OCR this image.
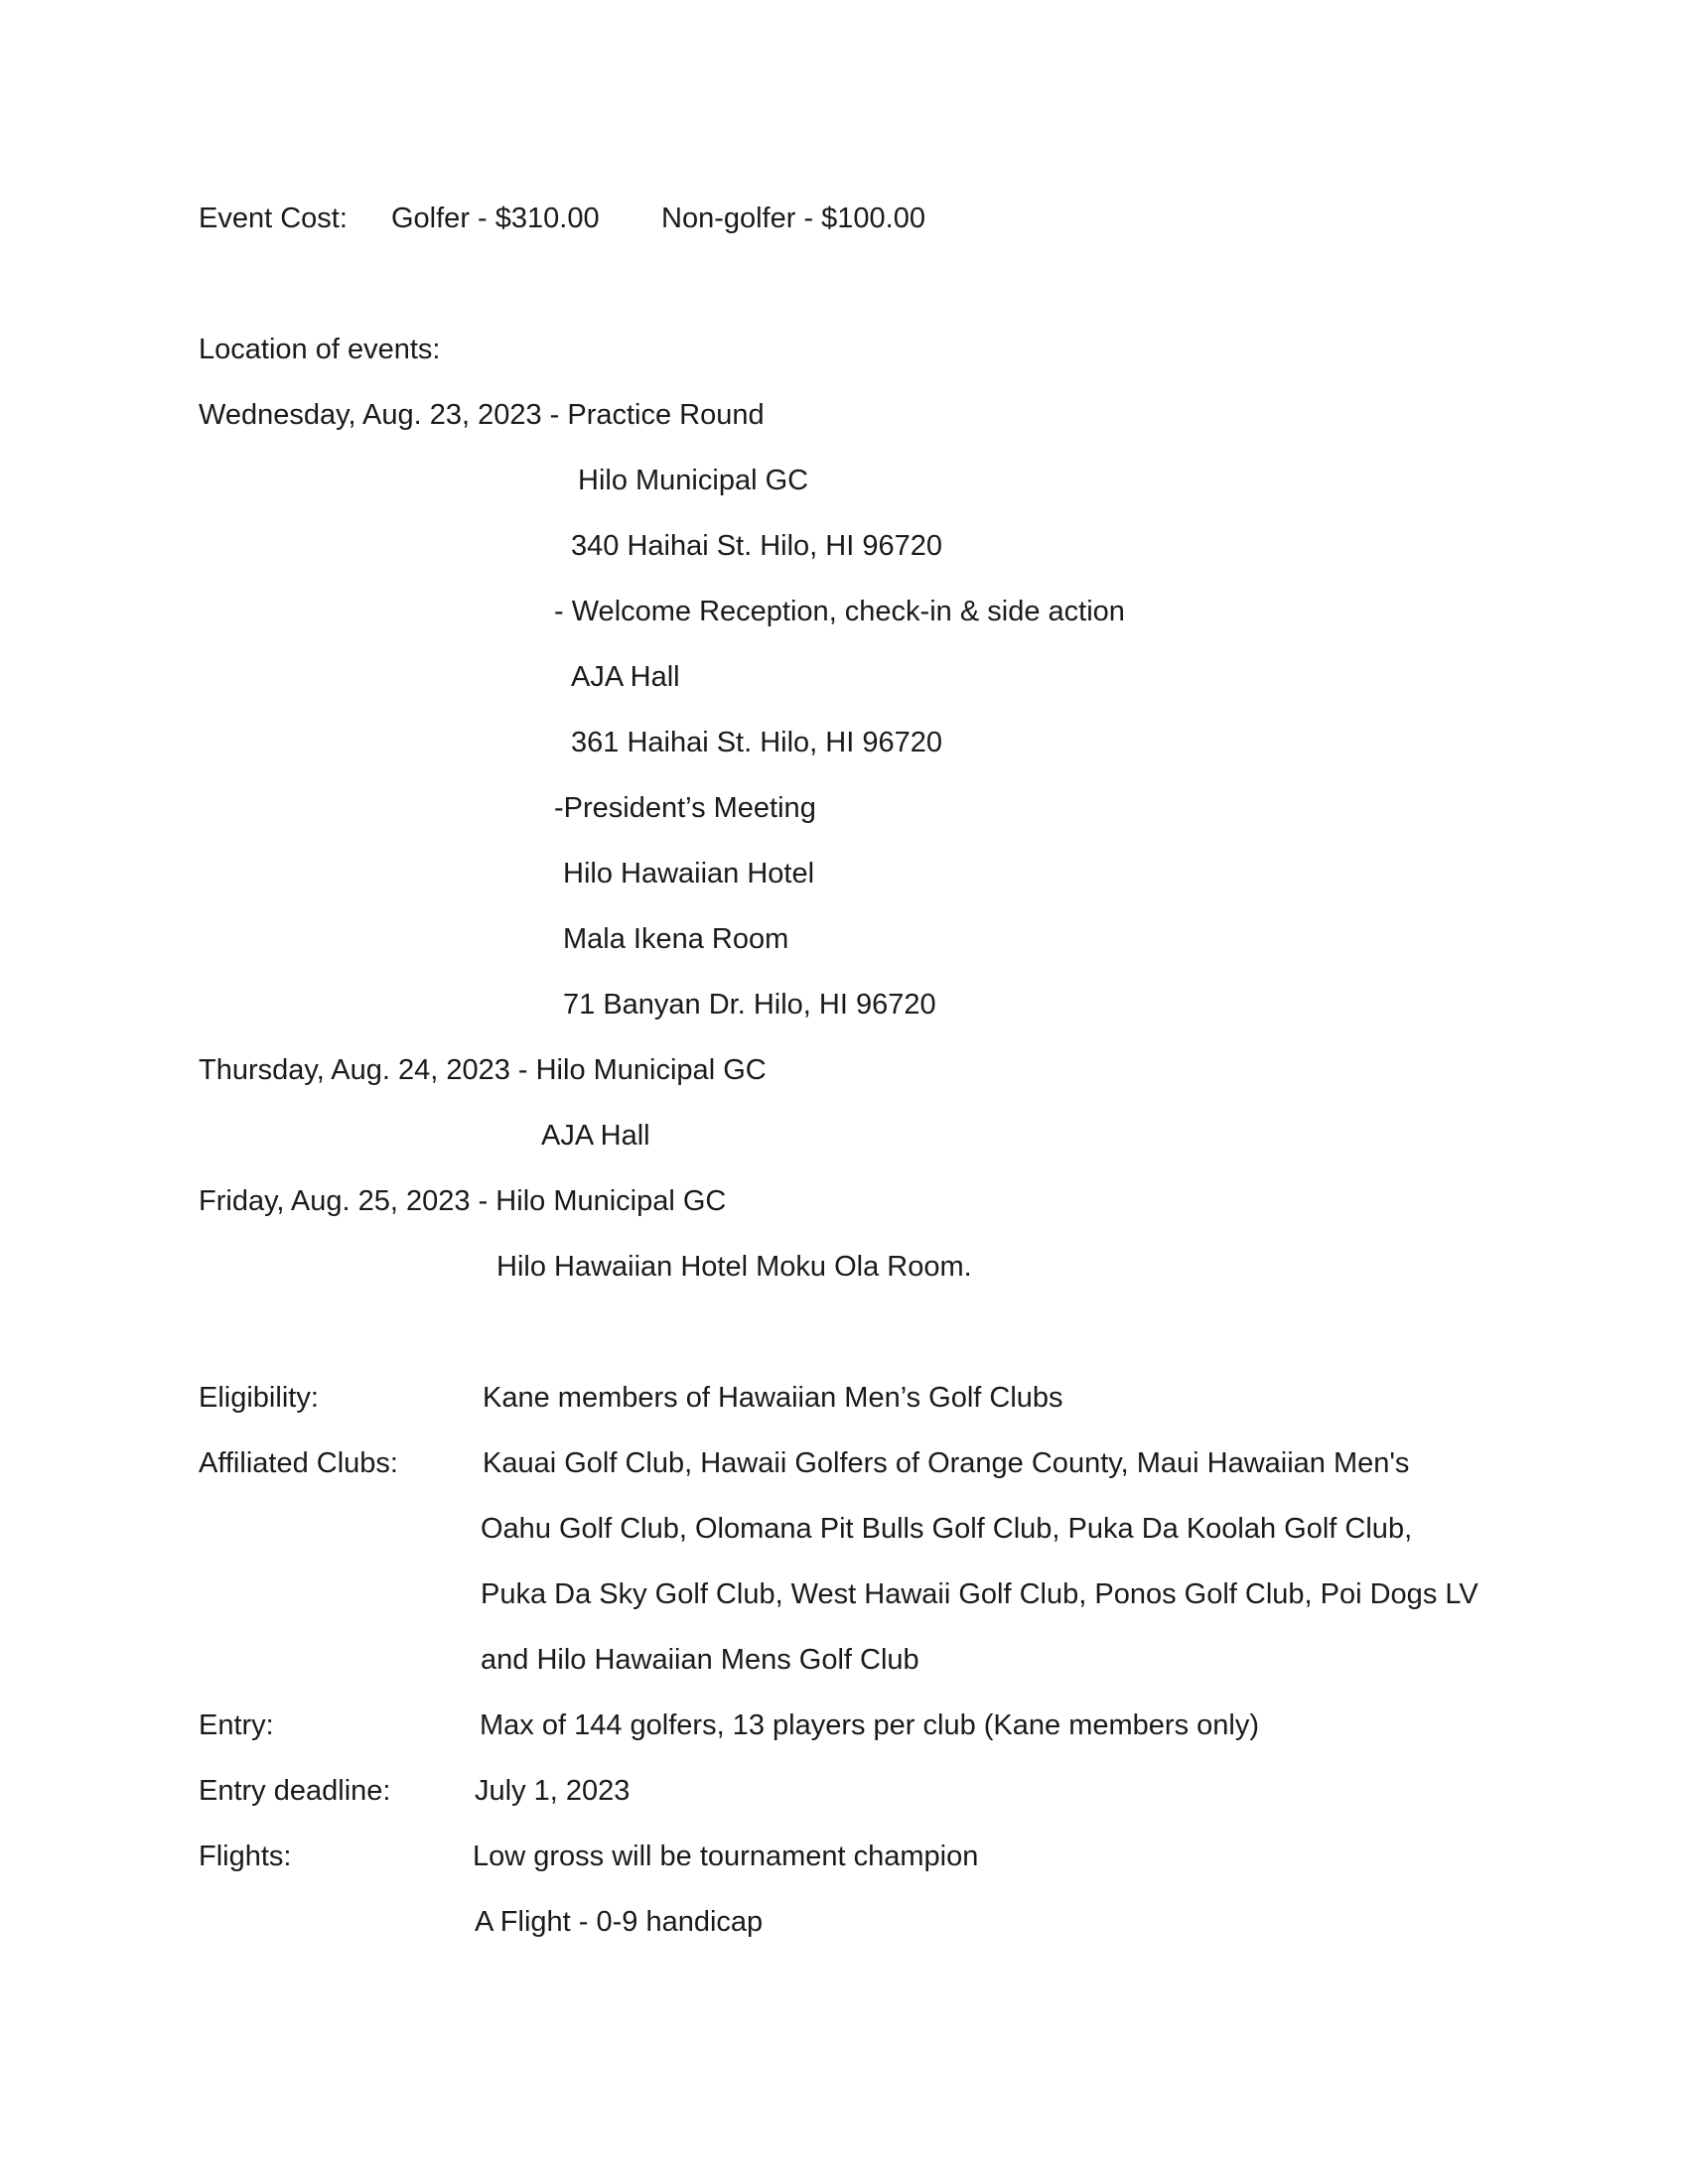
Event Cost: Golfer - $310.00 Non-golfer - $100.00
Location of events:
Wednesday, Aug. 23, 2023 - Practice Round
Hilo Municipal GC
340 Haihai St. Hilo, HI 96720
- Welcome Reception, check-in & side action
AJA Hall
361 Haihai St. Hilo, HI 96720
-President’s Meeting
Hilo Hawaiian Hotel
Mala Ikena Room
71 Banyan Dr. Hilo, HI 96720
Thursday, Aug. 24, 2023 - Hilo Municipal GC
AJA Hall
Friday, Aug. 25, 2023 - Hilo Municipal GC
Hilo Hawaiian Hotel Moku Ola Room.
Eligibility:	Kane members of Hawaiian Men’s Golf Clubs
Affiliated Clubs:	Kauai Golf Club, Hawaii Golfers of Orange County, Maui Hawaiian Men's
Oahu Golf Club, Olomana Pit Bulls Golf Club, Puka Da Koolah Golf Club,
Puka Da Sky Golf Club, West Hawaii Golf Club, Ponos Golf Club, Poi Dogs LV
and Hilo Hawaiian Mens Golf Club
Entry:	Max of 144 golfers, 13 players per club (Kane members only)
Entry deadline:	July 1, 2023
Flights:	Low gross will be tournament champion
A Flight - 0-9 handicap
